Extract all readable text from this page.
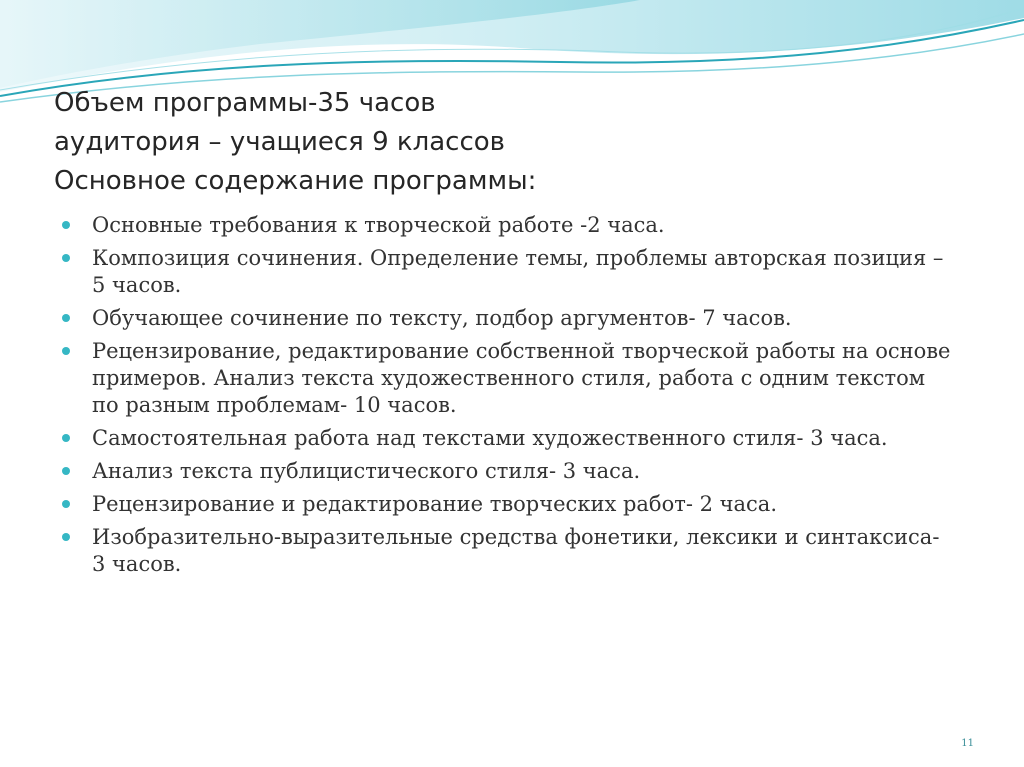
Объем программы-35 часов
аудитория – учащиеся 9 классов
Основное содержание программы:
Основные требования к творческой работе -2 часа.
Композиция сочинения. Определение темы, проблемы авторская позиция – 5 часов.
Обучающее сочинение по тексту, подбор аргументов- 7 часов.
Рецензирование, редактирование собственной творческой работы на основе примеров. Анализ текста художественного стиля, работа с одним текстом по разным проблемам- 10 часов.
Самостоятельная работа над текстами художественного стиля- 3 часа.
Анализ текста публицистического стиля- 3 часа.
Рецензирование и редактирование творческих работ- 2 часа.
Изобразительно-выразительные средства фонетики, лексики и синтаксиса- 3 часов.
11
